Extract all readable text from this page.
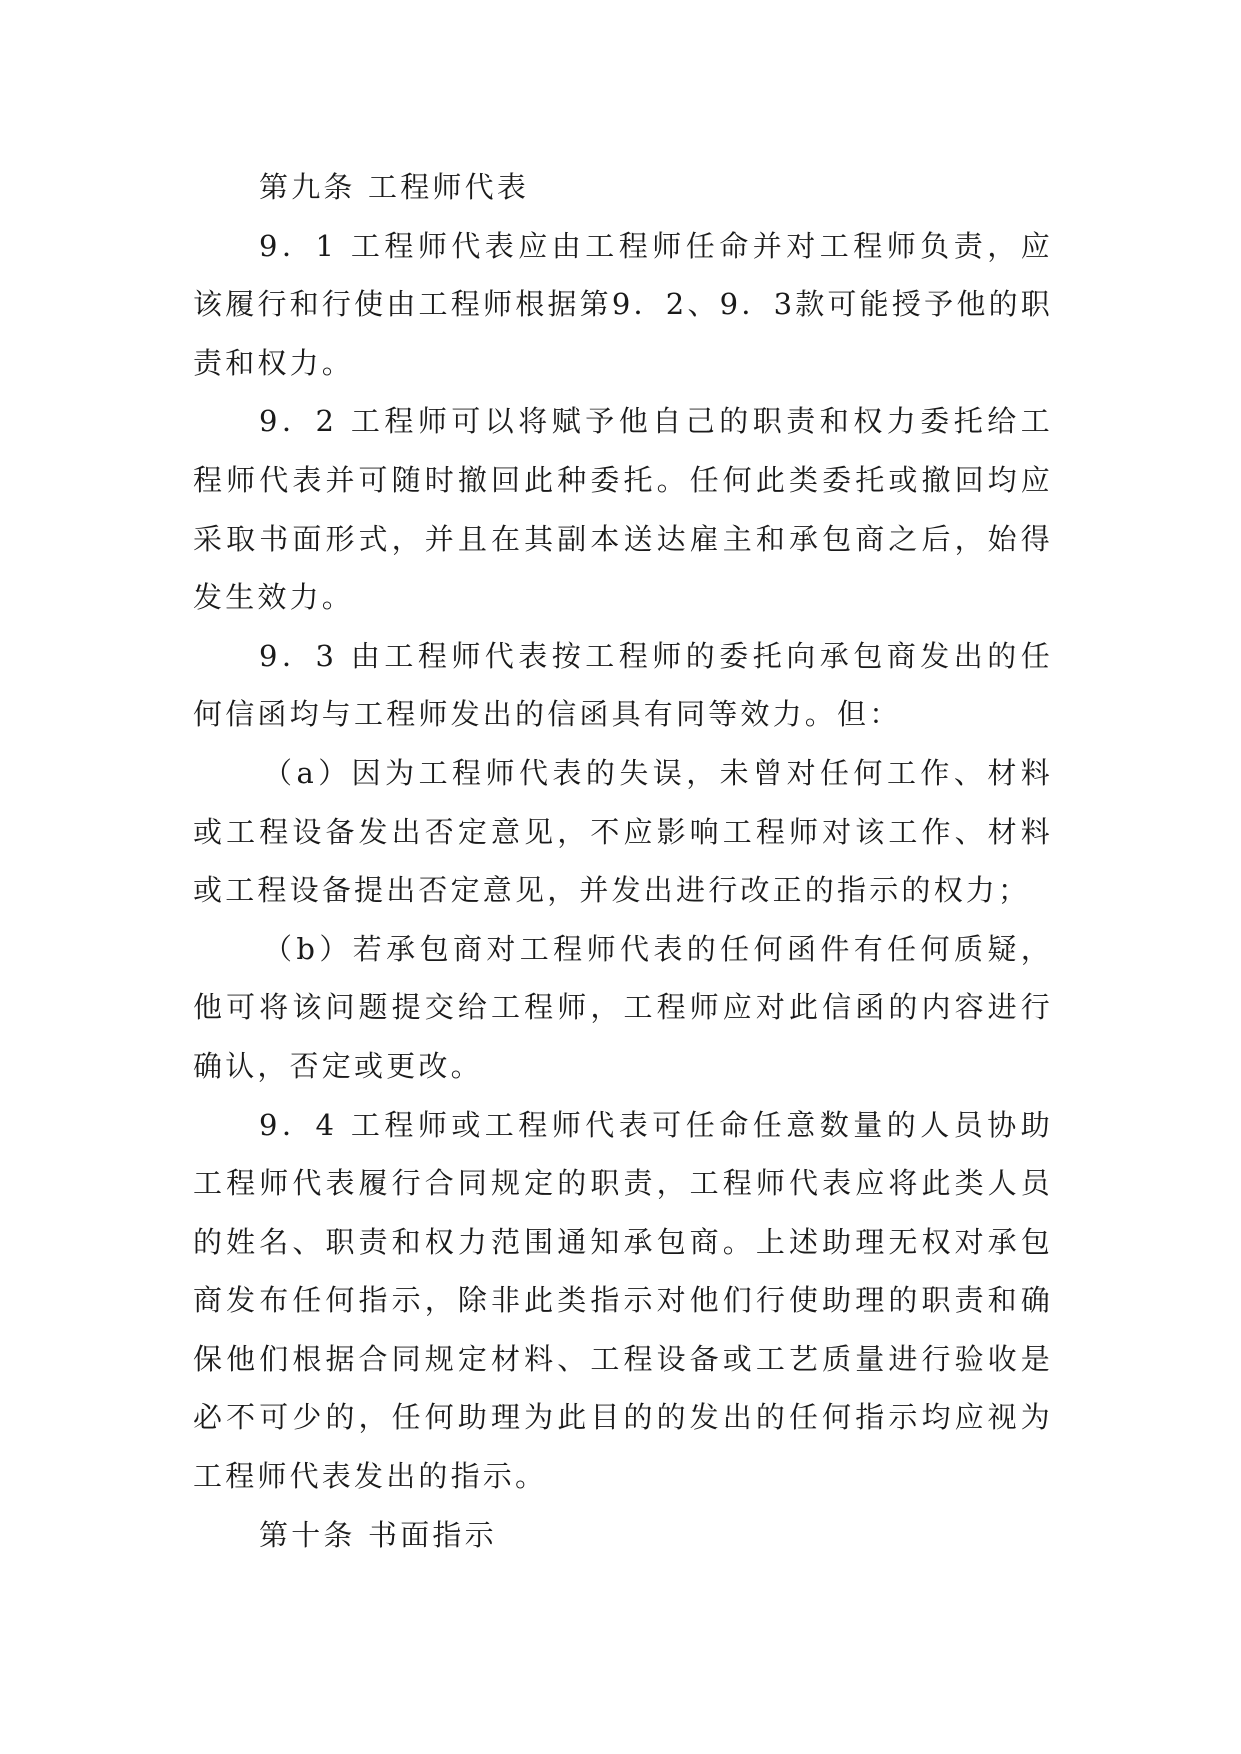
第九条 工程师代表

9．1 工程师代表应由工程师任命并对工程师负责，应该履行和行使由工程师根据第9．2、9．3款可能授予他的职责和权力。

9．2 工程师可以将赋予他自己的职责和权力委托给工程师代表并可随时撤回此种委托。任何此类委托或撤回均应采取书面形式，并且在其副本送达雇主和承包商之后，始得发生效力。

9．3 由工程师代表按工程师的委托向承包商发出的任何信函均与工程师发出的信函具有同等效力。但：

（a）因为工程师代表的失误，未曾对任何工作、材料或工程设备发出否定意见，不应影响工程师对该工作、材料或工程设备提出否定意见，并发出进行改正的指示的权力；

（b）若承包商对工程师代表的任何函件有任何质疑，他可将该问题提交给工程师，工程师应对此信函的内容进行确认，否定或更改。

9．4 工程师或工程师代表可任命任意数量的人员协助工程师代表履行合同规定的职责，工程师代表应将此类人员的姓名、职责和权力范围通知承包商。上述助理无权对承包商发布任何指示，除非此类指示对他们行使助理的职责和确保他们根据合同规定材料、工程设备或工艺质量进行验收是必不可少的，任何助理为此目的的发出的任何指示均应视为工程师代表发出的指示。

第十条 书面指示
